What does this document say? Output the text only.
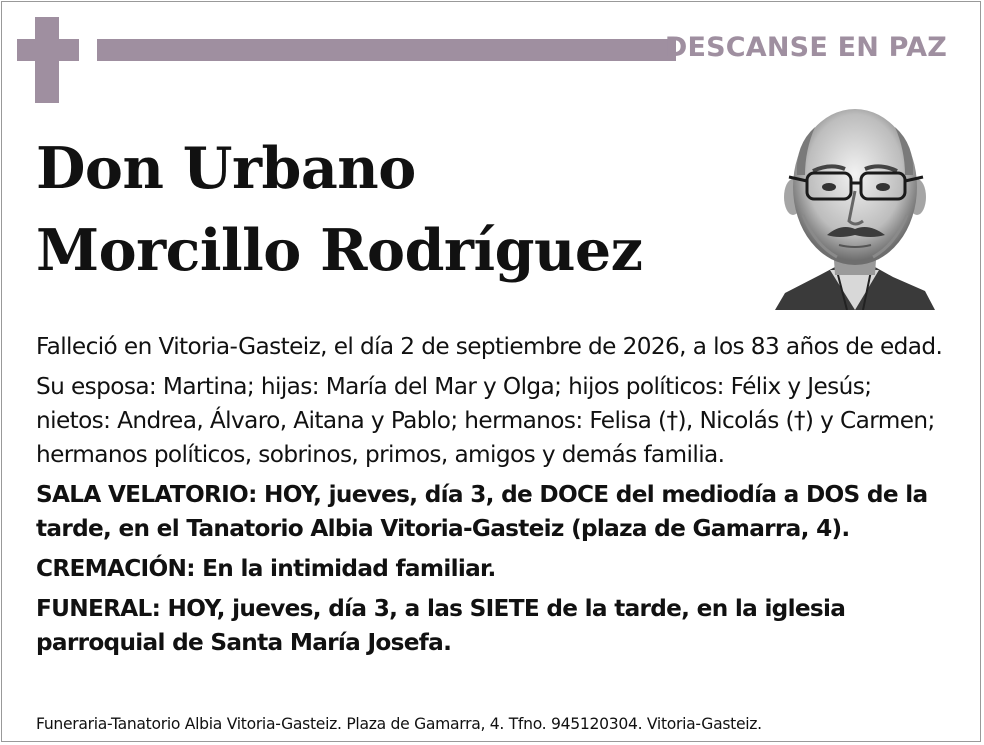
DESCANSE EN PAZ
Don Urbano
Morcillo Rodríguez

Falleció en Vitoria-Gasteiz, el día 2 de septiembre de 2026, a los 83 años de edad.

Su esposa: Martina; hijas: María del Mar y Olga; hijos políticos: Félix y Jesús; nietos: Andrea, Álvaro, Aitana y Pablo; hermanos: Felisa (†), Nicolás (†) y Carmen; hermanos políticos, sobrinos, primos, amigos y demás familia.

SALA VELATORIO: HOY, jueves, día 3, de DOCE del mediodía a DOS de la tarde, en el Tanatorio Albia Vitoria-Gasteiz (plaza de Gamarra, 4).

CREMACIÓN: En la intimidad familiar.

FUNERAL: HOY, jueves, día 3, a las SIETE de la tarde, en la iglesia parroquial de Santa María Josefa.

Funeraria-Tanatorio Albia Vitoria-Gasteiz. Plaza de Gamarra, 4. Tfno. 945120304. Vitoria-Gasteiz.
